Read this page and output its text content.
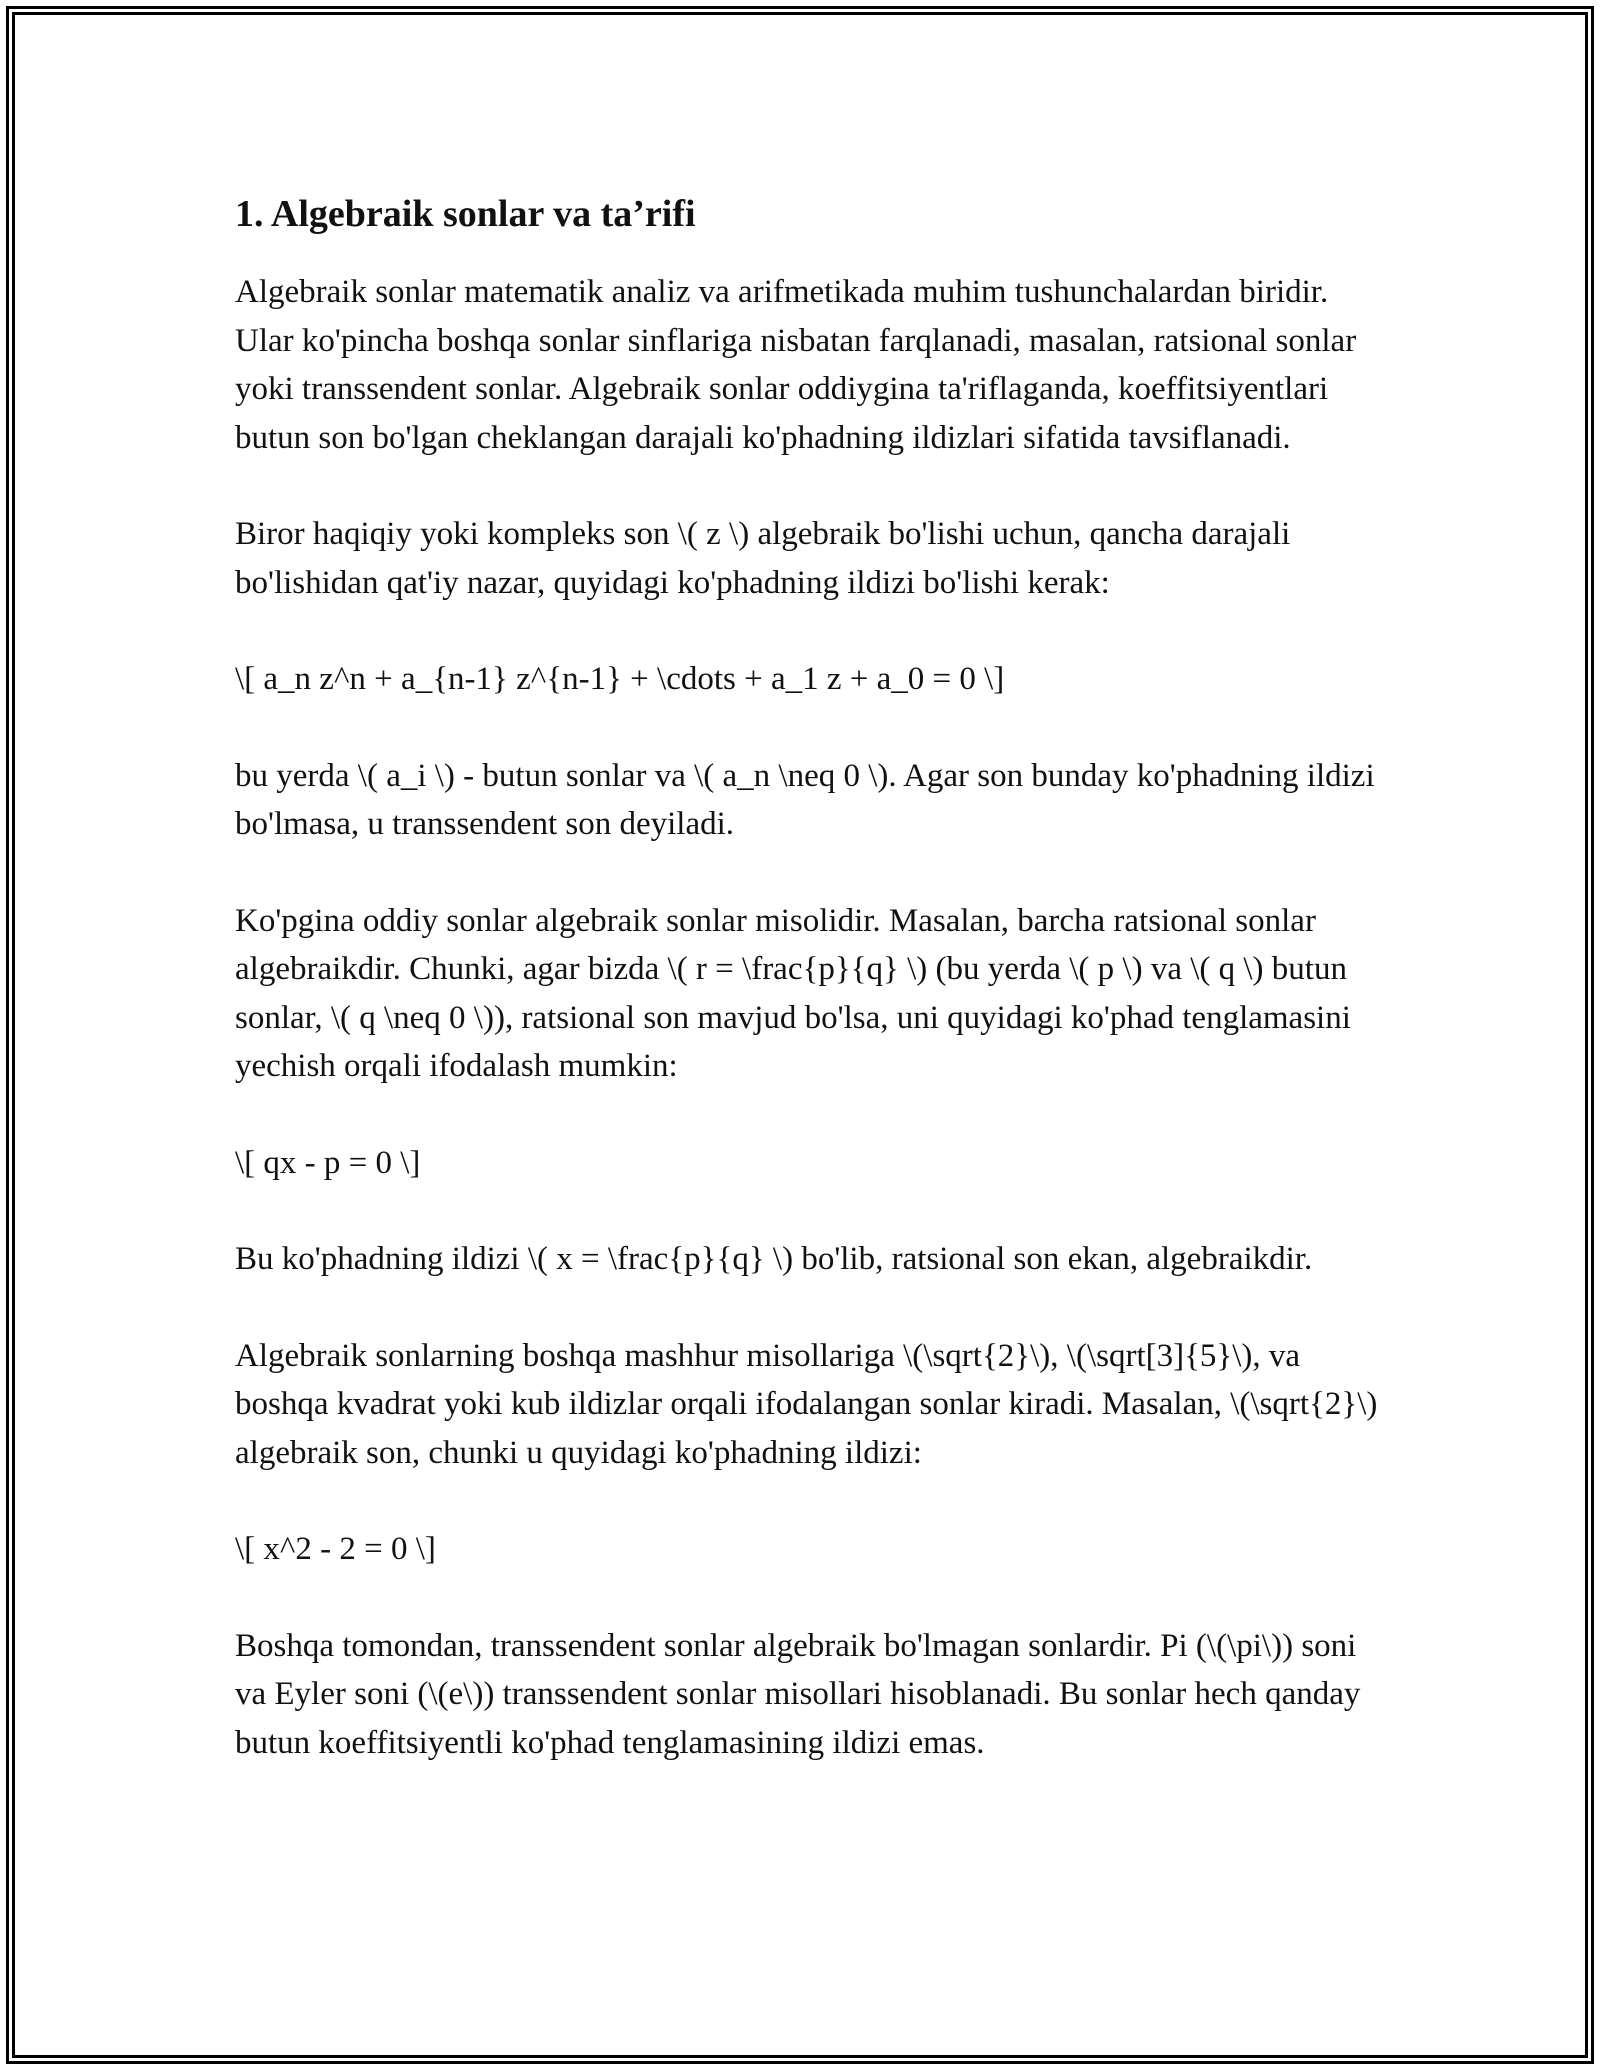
1. Algebraik sonlar va ta’rifi

Algebraik sonlar matematik analiz va arifmetikada muhim tushunchalardan biridir. Ular ko'pincha boshqa sonlar sinflariga nisbatan farqlanadi, masalan, ratsional sonlar yoki transsendent sonlar. Algebraik sonlar oddiygina ta'riflaganda, koeffitsiyentlari butun son bo'lgan cheklangan darajali ko'phadning ildizlari sifatida tavsiflanadi.

Biror haqiqiy yoki kompleks son \( z \) algebraik bo'lishi uchun, qancha darajali bo'lishidan qat'iy nazar, quyidagi ko'phadning ildizi bo'lishi kerak:

\[ a_n z^n + a_{n-1} z^{n-1} + \cdots + a_1 z + a_0 = 0 \]

bu yerda \( a_i \) - butun sonlar va \( a_n \neq 0 \). Agar son bunday ko'phadning ildizi bo'lmasa, u transsendent son deyiladi.

Ko'pgina oddiy sonlar algebraik sonlar misolidir. Masalan, barcha ratsional sonlar algebraikdir. Chunki, agar bizda \( r = \frac{p}{q} \) (bu yerda \( p \) va \( q \) butun sonlar, \( q \neq 0 \)), ratsional son mavjud bo'lsa, uni quyidagi ko'phad tenglamasini yechish orqali ifodalash mumkin:

\[ qx - p = 0 \]

Bu ko'phadning ildizi \( x = \frac{p}{q} \) bo'lib, ratsional son ekan, algebraikdir.

Algebraik sonlarning boshqa mashhur misollariga \(\sqrt{2}\), \(\sqrt[3]{5}\), va boshqa kvadrat yoki kub ildizlar orqali ifodalangan sonlar kiradi. Masalan, \(\sqrt{2}\) algebraik son, chunki u quyidagi ko'phadning ildizi:

\[ x^2 - 2 = 0 \]

Boshqa tomondan, transsendent sonlar algebraik bo'lmagan sonlardir. Pi (\(\pi\)) soni va Eyler soni (\(e\)) transsendent sonlar misollari hisoblanadi. Bu sonlar hech qanday butun koeffitsiyentli ko'phad tenglamasining ildizi emas.
